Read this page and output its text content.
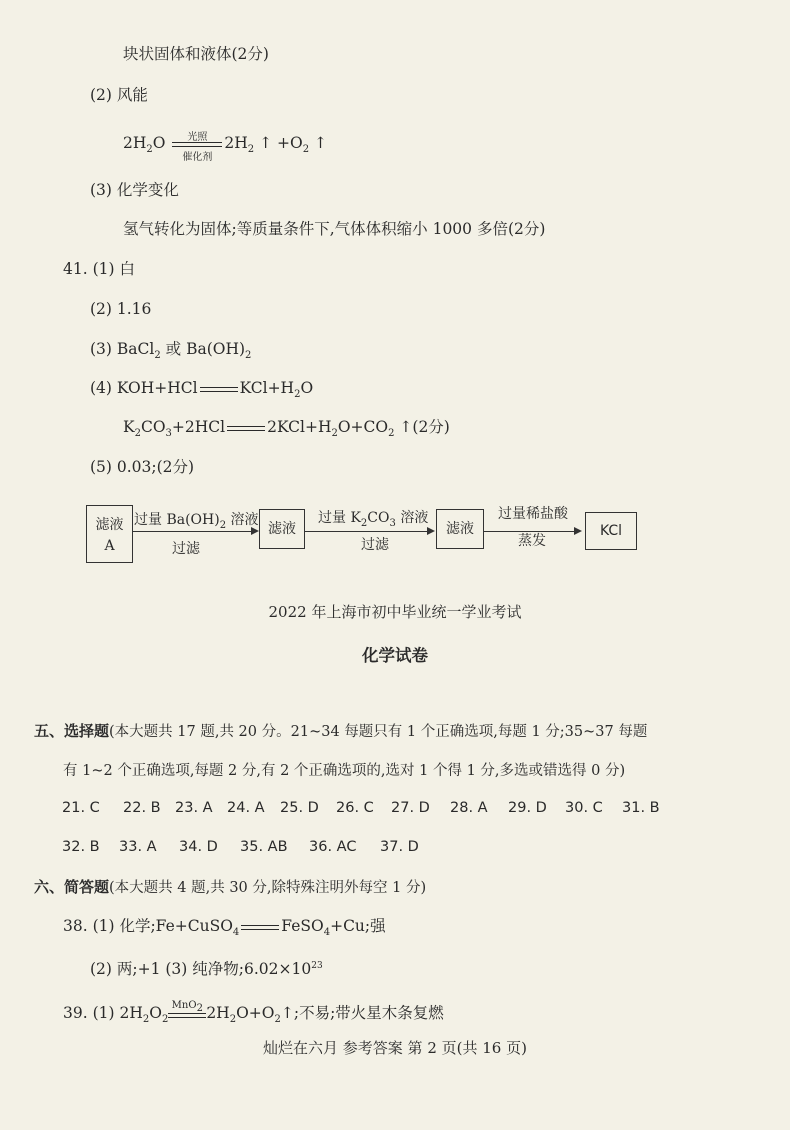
块状固体和液体(2分)
(2) 风能
$2H_2O$	光照
催化剂
$2H_2$ ↑ $+O_2$ ↑
(3) 化学变化
氢气转化为固体;等质量条件下,气体体积缩小 1000 多倍(2分)
41. (1) 白
(2) 1.16
(3) BaCl$_2$ 或 $Ba(OH)_2$
(4) KOH+HCl	$KCl+H_2O$
$K_2CO_3+2HCl$	$2KCl+H_2O+CO_2$ ↑(2分)
(5) 0.03;(2分)
滤液
A
过量 $Ba(OH)_2$ 溶液
过滤
滤液
过量 $K_2CO_3$ 溶液
过滤
滤液
过量稀盐酸
蒸发
KCl
2022 年上海市初中毕业统一学业考试
化学试卷
五、选择题(本大题共 17 题,共 20 分。21~34 每题只有 1 个正确选项,每题 1 分;35~37 每题
有 1~2 个正确选项,每题 2 分,有 2 个正确选项的,选对 1 个得 1 分,多选或错选得 0 分)
21. C 22. B 23. A 24. A 25. D 26. C 27. D 28. A 29. D 30. C 31. B
32. B 33. A 34. D 35. AB 36. AC 37. D
六、简答题(本大题共 4 题,共 30 分,除特殊注明外每空 1 分)
38. (1) 化学;Fe+CuSO$_4$	FeSO$_4$+Cu;强
(2) 两;+1 (3) 纯净物$;6.02\times 10^{23}$
39. (1) $2H_2O_2$
MnO$_2$ $2H_2O+O_2↑$;不易;带火星木条复燃
灿烂在六月 参考答案 第 2 页(共 16 页)
